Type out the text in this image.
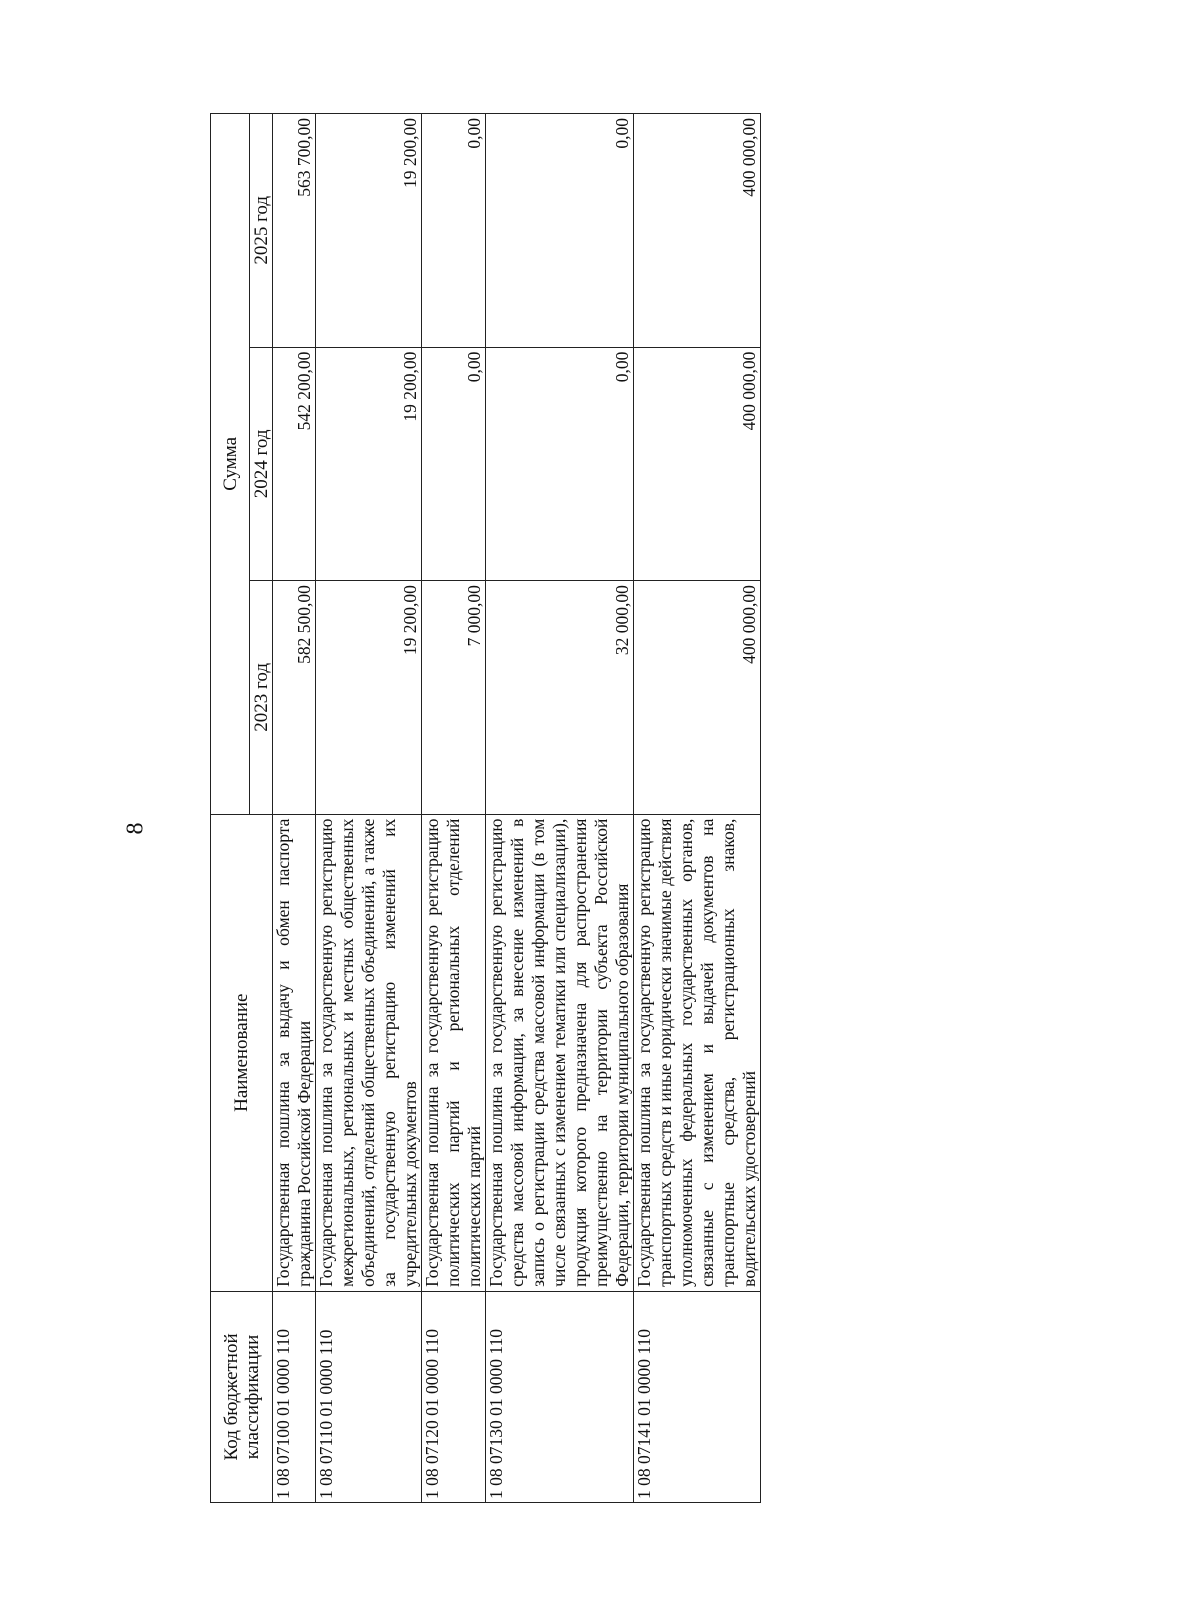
8
Код бюджетной классификации	Наименование	Сумма		
		2023 год	2024 год	2025 год
1 08 07100 01 0000 110	Государственная пошлина за выдачу и обмен паспорта гражданина Российской Федерации	582 500,00	542 200,00	563 700,00
1 08 07110 01 0000 110	Государственная пошлина за государственную регистрацию межрегиональных, региональных и местных общественных объединений, отделений общественных объединений, а также за государственную регистрацию изменений их учредительных документов	19 200,00	19 200,00	19 200,00
1 08 07120 01 0000 110	Государственная пошлина за государственную регистрацию политических партий и региональных отделений политических партий	7 000,00	0,00	0,00
1 08 07130 01 0000 110	Государственная пошлина за государственную регистрацию средства массовой информации, за внесение изменений в запись о регистрации средства массовой информации (в том числе связанных с изменением тематики или специализации), продукция которого предназначена для распространения преимущественно на территории субъекта Российской Федерации, территории муниципального образования	32 000,00	0,00	0,00
1 08 07141 01 0000 110	Государственная пошлина за государственную регистрацию транспортных средств и иные юридически значимые действия уполномоченных федеральных государственных органов, связанные с изменением и выдачей документов на транспортные средства, регистрационных знаков, водительских удостоверений	400 000,00	400 000,00	400 000,00
